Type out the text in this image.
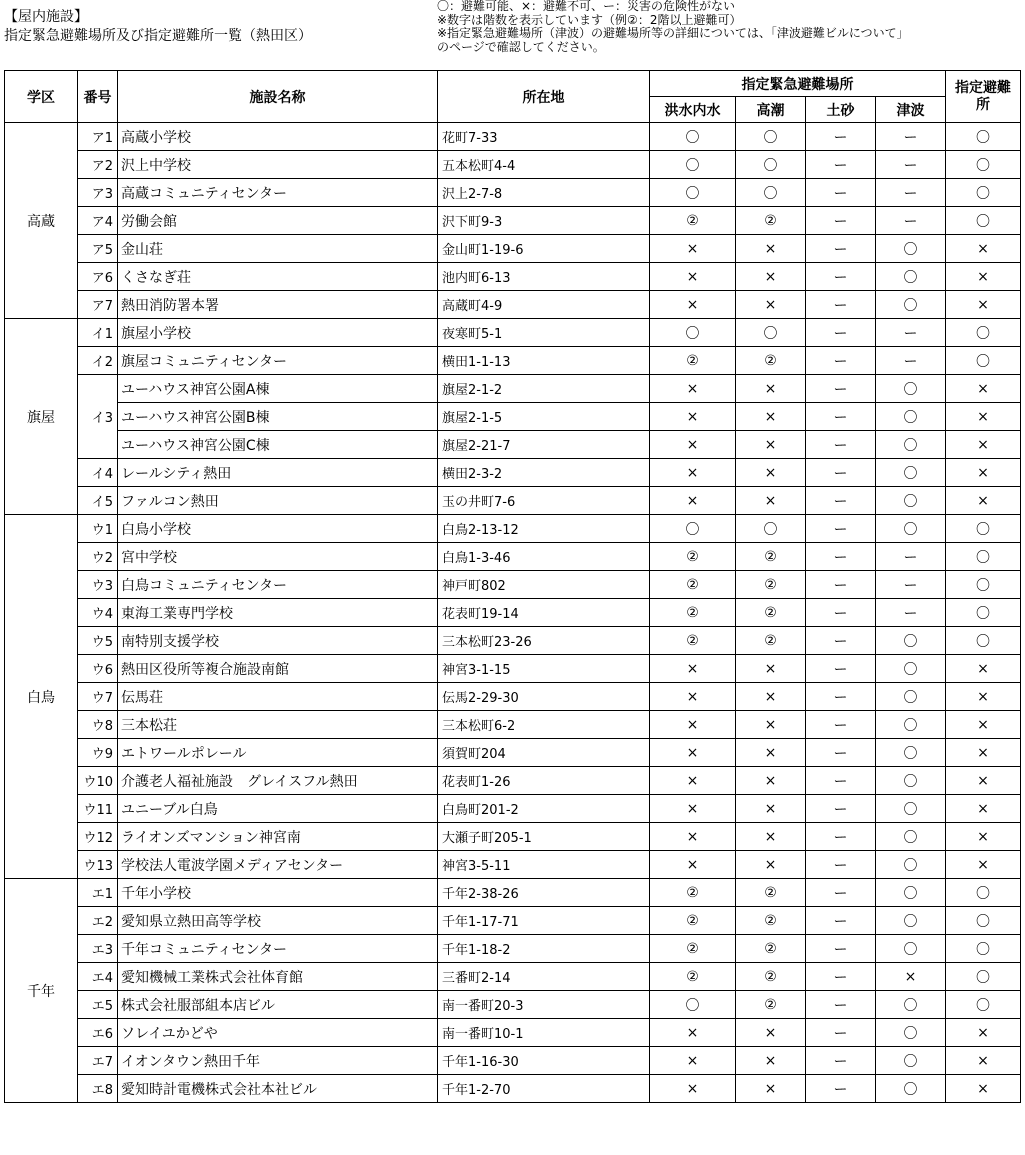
【屋内施設】
指定緊急避難場所及び指定避難所一覧（熱田区）
〇：避難可能、×：避難不可、ー：災害の危険性がない
※数字は階数を表示しています（例②：2階以上避難可）
※指定緊急避難場所（津波）の避難場所等の詳細については、「津波避難ビルについて」
のページで確認してください。
学区	番号	施設名称	所在地	指定緊急避難場所				指定避難所
				洪水内水	高潮	土砂	津波	
高蔵	ア1	高蔵小学校	花町7-33	〇	〇	ー	ー	〇
	ア2	沢上中学校	五本松町4-4	〇	〇	ー	ー	〇
	ア3	高蔵コミュニティセンター	沢上2-7-8	〇	〇	ー	ー	〇
	ア4	労働会館	沢下町9-3	②	②	ー	ー	〇
	ア5	金山荘	金山町1-19-6	×	×	ー	〇	×
	ア6	くさなぎ荘	池内町6-13	×	×	ー	〇	×
	ア7	熱田消防署本署	高蔵町4-9	×	×	ー	〇	×
旗屋	イ1	旗屋小学校	夜寒町5-1	〇	〇	ー	ー	〇
	イ2	旗屋コミュニティセンター	横田1-1-13	②	②	ー	ー	〇
	イ3	ユーハウス神宮公園A棟	旗屋2-1-2	×	×	ー	〇	×
		ユーハウス神宮公園B棟	旗屋2-1-5	×	×	ー	〇	×
		ユーハウス神宮公園C棟	旗屋2-21-7	×	×	ー	〇	×
	イ4	レールシティ熱田	横田2-3-2	×	×	ー	〇	×
	イ5	ファルコン熱田	玉の井町7-6	×	×	ー	〇	×
白鳥	ウ1	白鳥小学校	白鳥2-13-12	〇	〇	ー	〇	〇
	ウ2	宮中学校	白鳥1-3-46	②	②	ー	ー	〇
	ウ3	白鳥コミュニティセンター	神戸町802	②	②	ー	ー	〇
	ウ4	東海工業専門学校	花表町19-14	②	②	ー	ー	〇
	ウ5	南特別支援学校	三本松町23-26	②	②	ー	〇	〇
	ウ6	熱田区役所等複合施設南館	神宮3-1-15	×	×	ー	〇	×
	ウ7	伝馬荘	伝馬2-29-30	×	×	ー	〇	×
	ウ8	三本松荘	三本松町6-2	×	×	ー	〇	×
	ウ9	エトワールポレール	須賀町204	×	×	ー	〇	×
	ウ10	介護老人福祉施設　グレイスフル熱田	花表町1-26	×	×	ー	〇	×
	ウ11	ユニーブル白鳥	白鳥町201-2	×	×	ー	〇	×
	ウ12	ライオンズマンション神宮南	大瀬子町205-1	×	×	ー	〇	×
	ウ13	学校法人電波学園メディアセンター	神宮3-5-11	×	×	ー	〇	×
千年	エ1	千年小学校	千年2-38-26	②	②	ー	〇	〇
	エ2	愛知県立熱田高等学校	千年1-17-71	②	②	ー	〇	〇
	エ3	千年コミュニティセンター	千年1-18-2	②	②	ー	〇	〇
	エ4	愛知機械工業株式会社体育館	三番町2-14	②	②	ー	×	〇
	エ5	株式会社服部組本店ビル	南一番町20-3	〇	②	ー	〇	〇
	エ6	ソレイユかどや	南一番町10-1	×	×	ー	〇	×
	エ7	イオンタウン熱田千年	千年1-16-30	×	×	ー	〇	×
	エ8	愛知時計電機株式会社本社ビル	千年1-2-70	×	×	ー	〇	×
